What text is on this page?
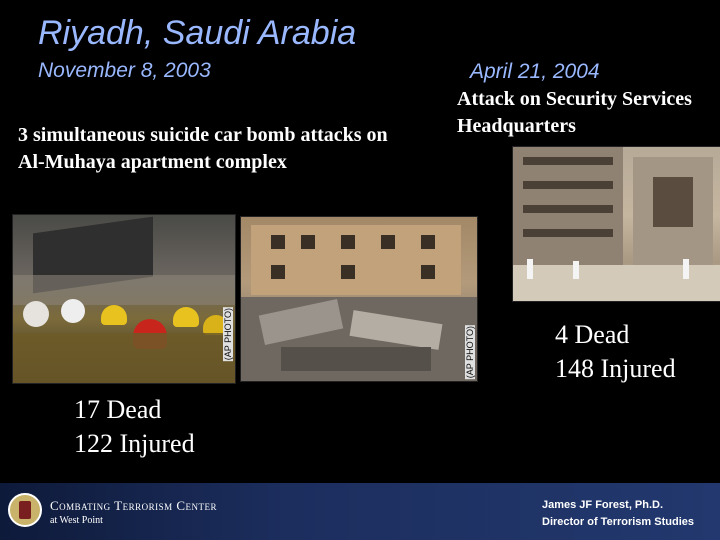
Riyadh, Saudi Arabia
November 8, 2003	April 21, 2004
3 simultaneous suicide car bomb attacks on Al-Muhaya apartment complex
Attack on Security Services Headquarters
(AP PHOTO)	(AP PHOTO)
17 Dead
122 Injured
4 Dead
148 Injured
Combating Terrorism Center
at West Point
James JF Forest, Ph.D.
Director of Terrorism Studies
